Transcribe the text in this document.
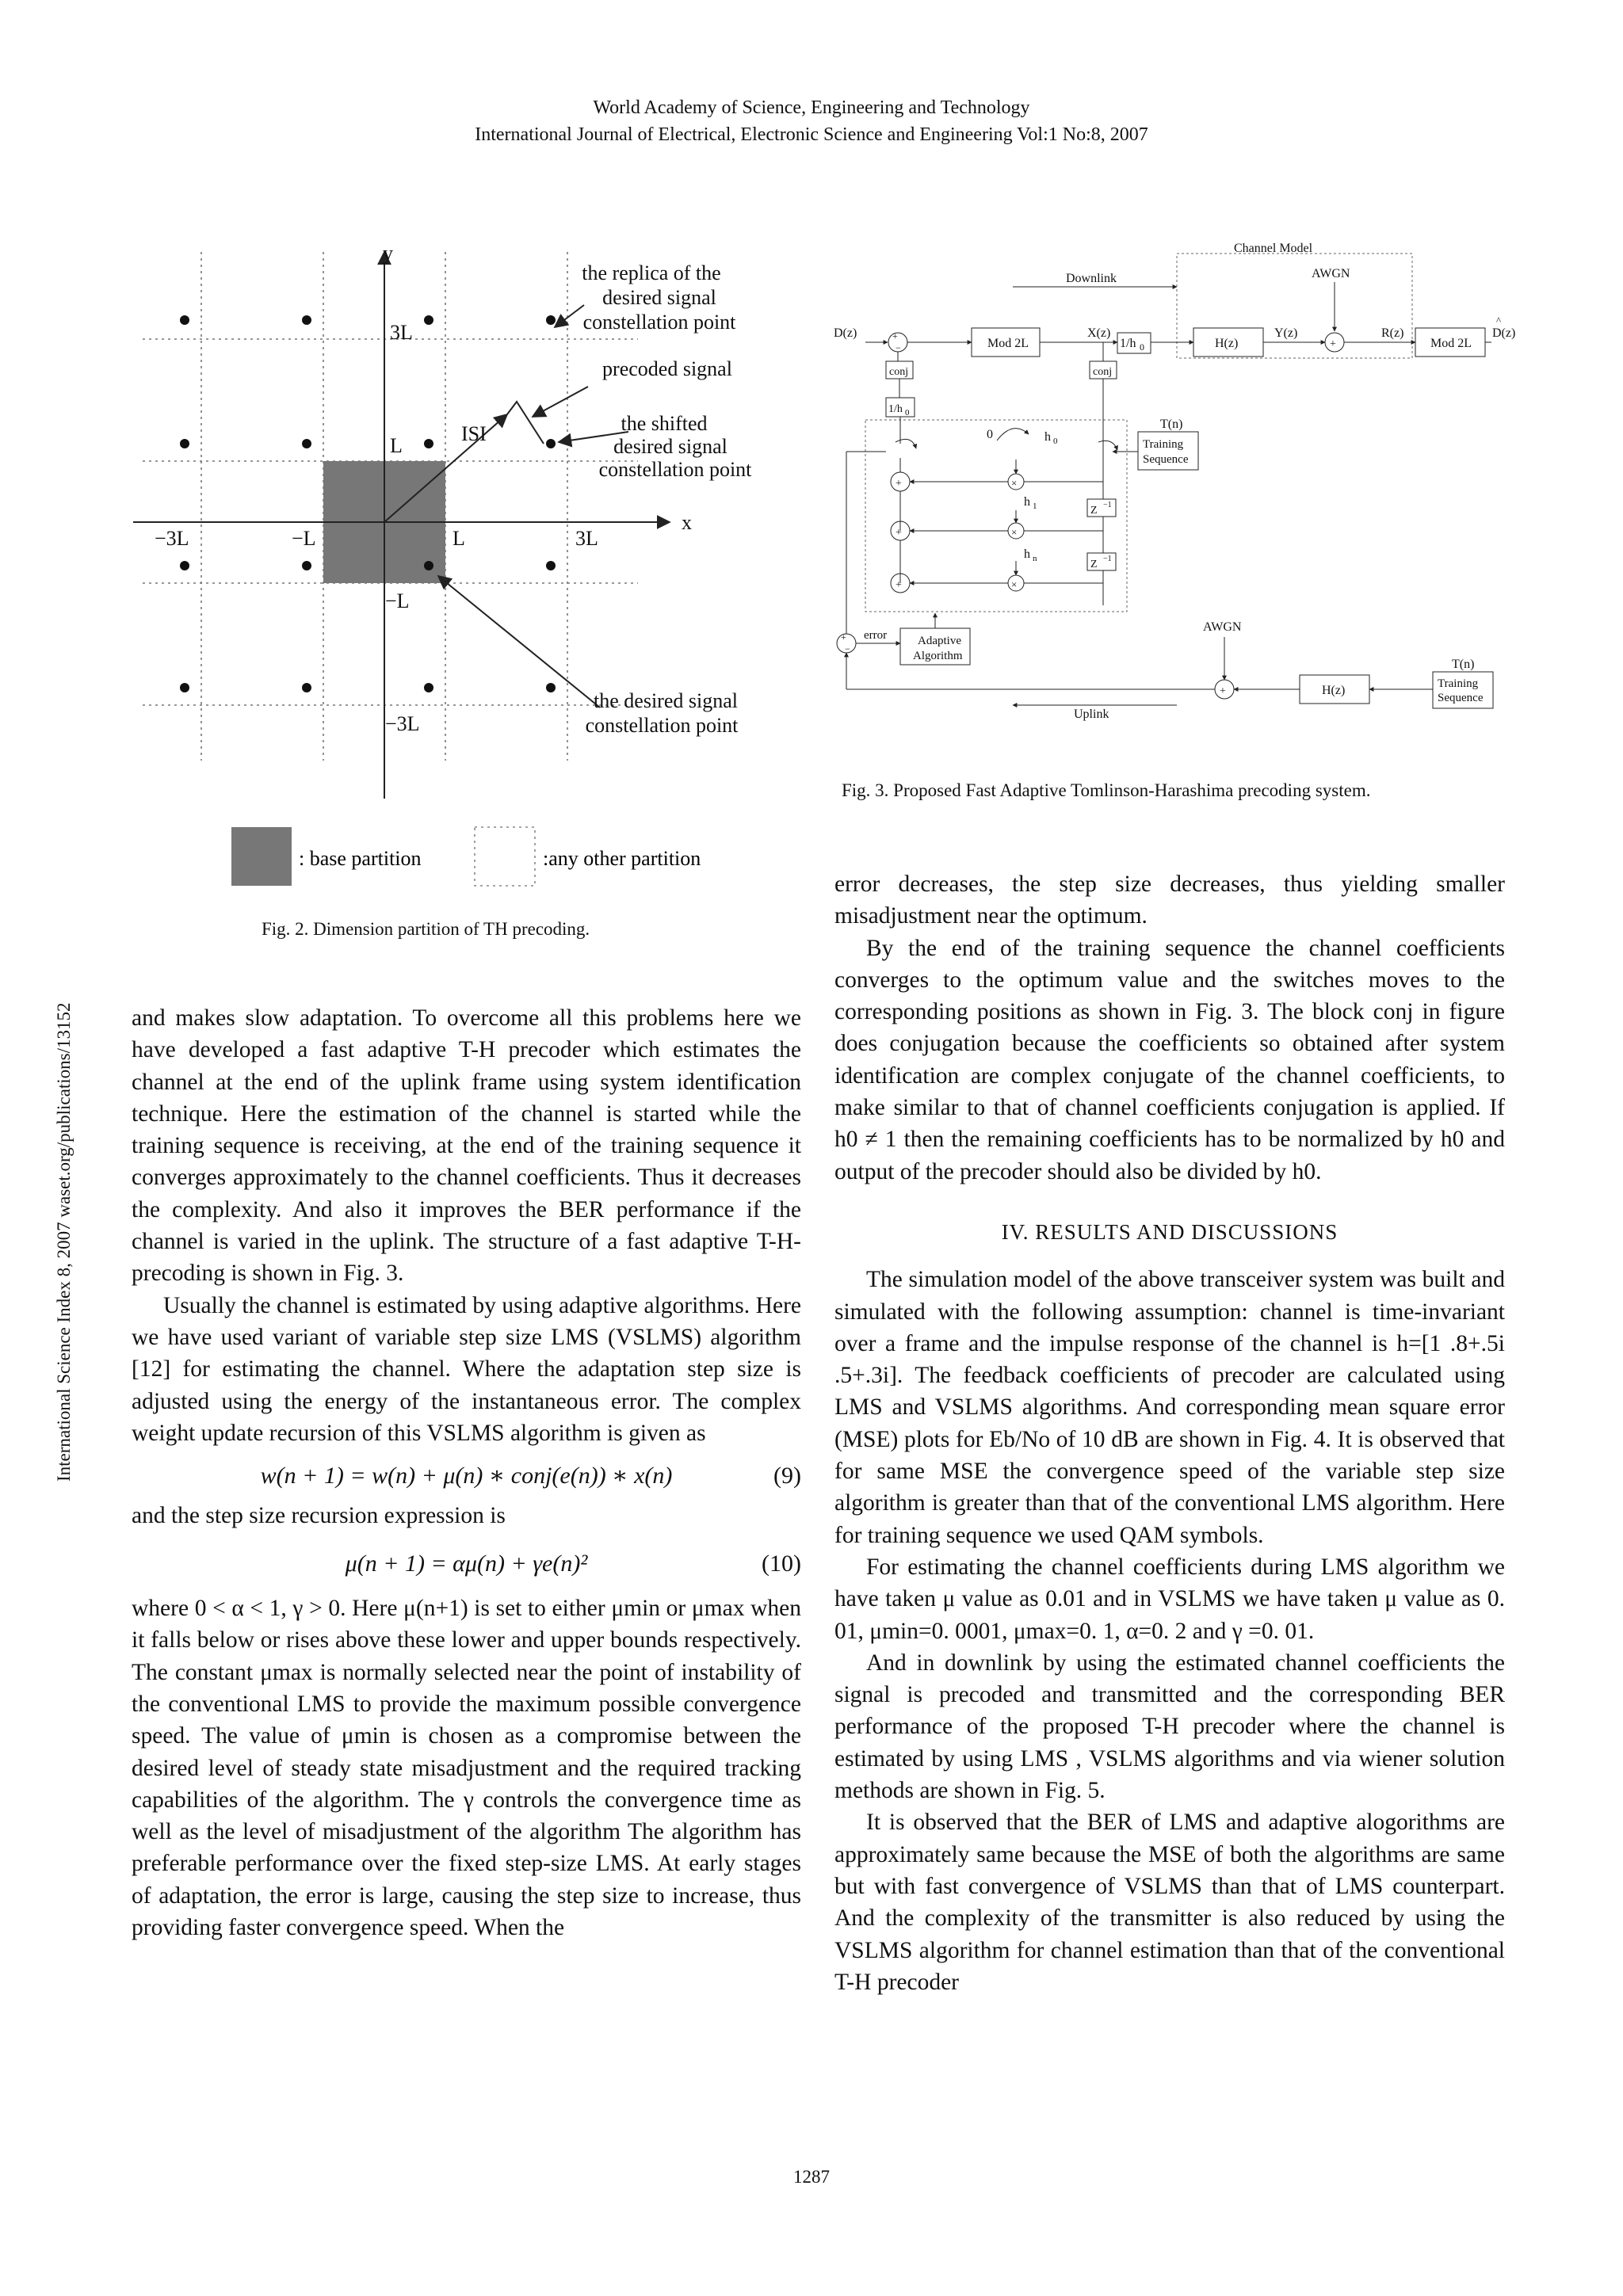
World Academy of Science, Engineering and Technology
International Journal of Electrical, Electronic Science and Engineering Vol:1 No:8, 2007
International Science Index 8, 2007 waset.org/publications/13152
y
x
3L
L
−3L	−L	L	3L
−L
−3L
ISI
the replica of the
desired signal
constellation point
precoded signal
the shifted
desired signal
constellation point
the desired signal
constellation point
: base partition	:any other partition
Fig. 2. Dimension partition of TH precoding.
Channel Model
AWGN
Downlink
D(z)	+
−	Mod 2L
X(z)
1/h 0	H(z)
Y(z)
+
R(z)
Mod 2L
D(z)
^
conj
1/h 0
conj
0	h 0
T(n)
Training
Sequence
+
+
+
×
×
×
h 1
h n
Z −1
Z −1
+
−
error	Adaptive
Algorithm
AWGN
+	H(z)
T(n)
Training
Sequence
Uplink
Fig. 3. Proposed Fast Adaptive Tomlinson-Harashima precoding system.

and makes slow adaptation. To overcome all this problems here we have developed a fast adaptive T-H precoder which estimates the channel at the end of the uplink frame using system identification technique. Here the estimation of the channel is started while the training sequence is receiving, at the end of the training sequence it converges approximately to the channel coefficients. Thus it decreases the complexity. And also it improves the BER performance if the channel is varied in the uplink. The structure of a fast adaptive T-H-precoding is shown in Fig. 3.

Usually the channel is estimated by using adaptive algorithms. Here we have used variant of variable step size LMS (VSLMS) algorithm [12] for estimating the channel. Where the adaptation step size is adjusted using the energy of the instantaneous error. The complex weight update recursion of this VSLMS algorithm is given as

w(n + 1) = w(n) + μ(n) ∗ conj(e(n)) ∗ x(n)	(9)

and the step size recursion expression is

μ(n + 1) = αμ(n) + γe(n)²	(10)

where 0 < α < 1, γ > 0. Here μ(n+1) is set to either μmin or μmax when it falls below or rises above these lower and upper bounds respectively. The constant μmax is normally selected near the point of instability of the conventional LMS to provide the maximum possible convergence speed. The value of μmin is chosen as a compromise between the desired level of steady state misadjustment and the required tracking capabilities of the algorithm. The γ controls the convergence time as well as the level of misadjustment of the algorithm The algorithm has preferable performance over the fixed step-size LMS. At early stages of adaptation, the error is large, causing the step size to increase, thus providing faster convergence speed. When the

error decreases, the step size decreases, thus yielding smaller misadjustment near the optimum.

By the end of the training sequence the channel coefficients converges to the optimum value and the switches moves to the corresponding positions as shown in Fig. 3. The block conj in figure does conjugation because the coefficients so obtained after system identification are complex conjugate of the channel coefficients, to make similar to that of channel coefficients conjugation is applied. If h0 ≠ 1 then the remaining coefficients has to be normalized by h0 and output of the precoder should also be divided by h0.

IV. RESULTS AND DISCUSSIONS

The simulation model of the above transceiver system was built and simulated with the following assumption: channel is time-invariant over a frame and the impulse response of the channel is h=[1 .8+.5i .5+.3i]. The feedback coefficients of precoder are calculated using LMS and VSLMS algorithms. And corresponding mean square error (MSE) plots for Eb/No of 10 dB are shown in Fig. 4. It is observed that for same MSE the convergence speed of the variable step size algorithm is greater than that of the conventional LMS algorithm. Here for training sequence we used QAM symbols.

For estimating the channel coefficients during LMS algorithm we have taken μ value as 0.01 and in VSLMS we have taken μ value as 0. 01, μmin=0. 0001, μmax=0. 1, α=0. 2 and γ =0. 01.

And in downlink by using the estimated channel coefficients the signal is precoded and transmitted and the corresponding BER performance of the proposed T-H precoder where the channel is estimated by using LMS , VSLMS algorithms and via wiener solution methods are shown in Fig. 5.

It is observed that the BER of LMS and adaptive alogorithms are approximately same because the MSE of both the algorithms are same but with fast convergence of VSLMS than that of LMS counterpart. And the complexity of the transmitter is also reduced by using the VSLMS algorithm for channel estimation than that of the conventional T-H precoder

1287
